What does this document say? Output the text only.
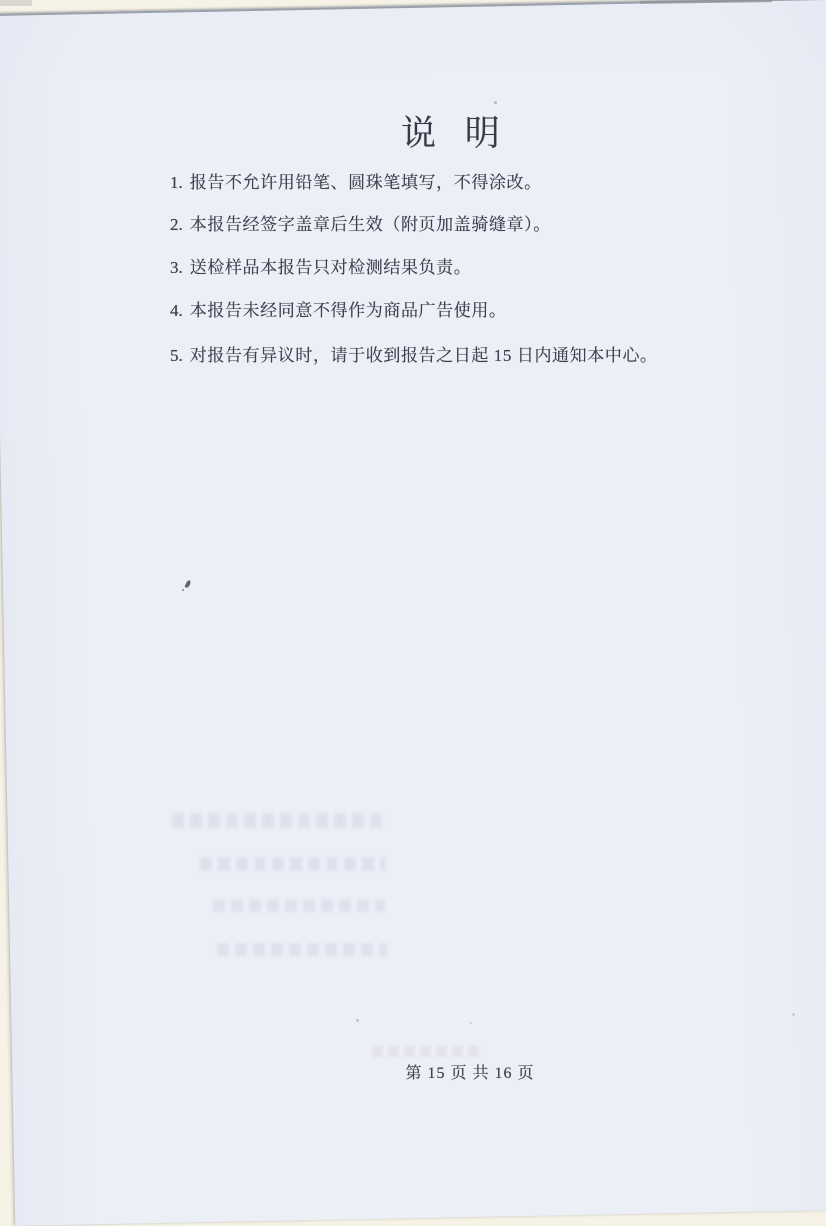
说 明
1. 报告不允许用铅笔、圆珠笔填写，不得涂改。
2. 本报告经签字盖章后生效（附页加盖骑缝章）。
3. 送检样品本报告只对检测结果负责。
4. 本报告未经同意不得作为商品广告使用。
5. 对报告有异议时，请于收到报告之日起 15 日内通知本中心。
第 15 页 共 16 页
